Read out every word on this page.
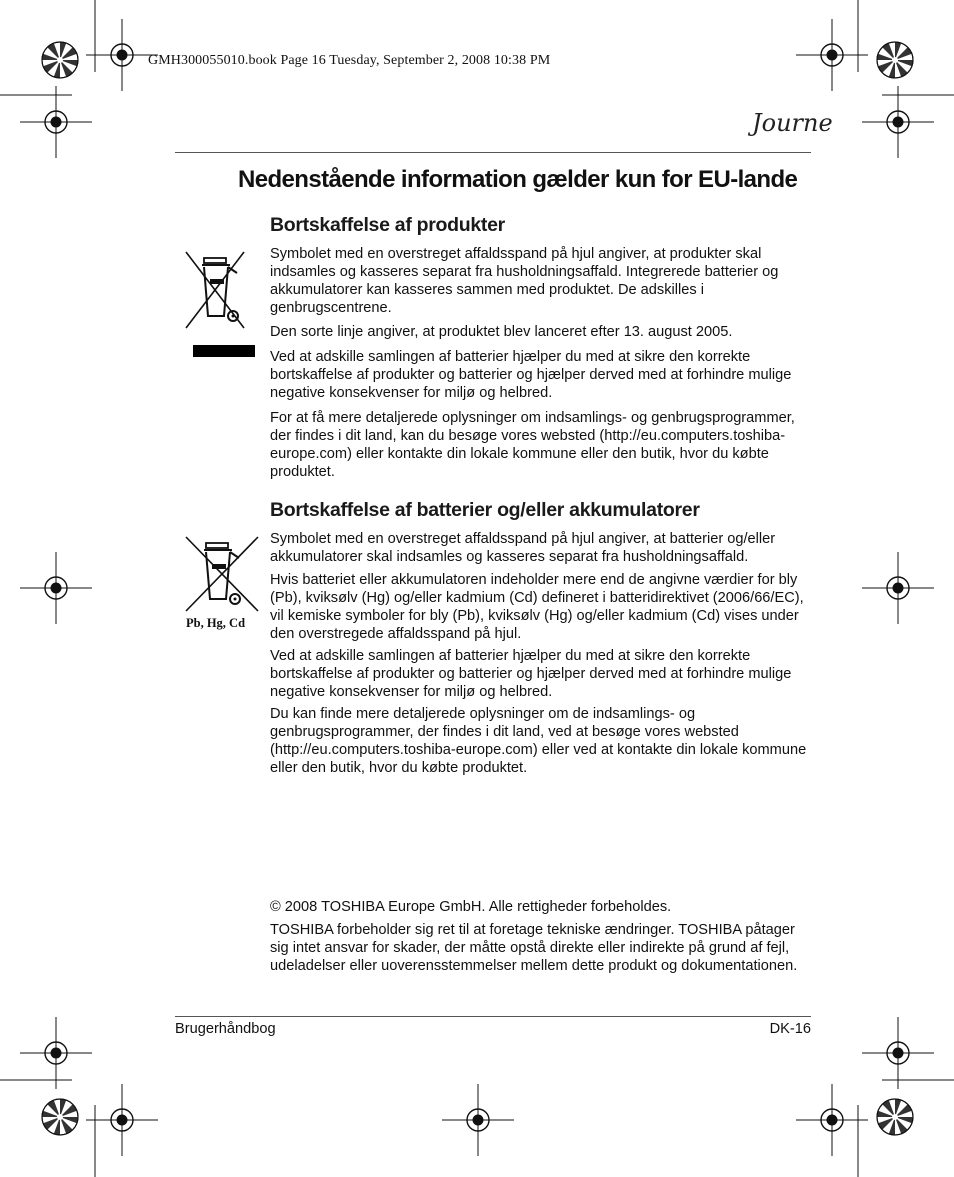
GMH300055010.book Page 16 Tuesday, September 2, 2008 10:38 PM
Journe
Nedenstående information gælder kun for EU-lande
Bortskaffelse af produkter

Symbolet med en overstreget affaldsspand på hjul angiver, at produkter skal indsamles og kasseres separat fra husholdningsaffald. Integrerede batterier og akkumulatorer kan kasseres sammen med produktet. De adskilles i genbrugscentrene.

Den sorte linje angiver, at produktet blev lanceret efter 13. august 2005.

Ved at adskille samlingen af batterier hjælper du med at sikre den korrekte bortskaffelse af produkter og batterier og hjælper derved med at forhindre mulige negative konsekvenser for miljø og helbred.

For at få mere detaljerede oplysninger om indsamlings- og genbrugsprogrammer, der findes i dit land, kan du besøge vores websted (http://eu.computers.toshiba-europe.com) eller kontakte din lokale kommune eller den butik, hvor du købte produktet.

Bortskaffelse af batterier og/eller akkumulatorer
Pb, Hg, Cd

Symbolet med en overstreget affaldsspand på hjul angiver, at batterier og/eller akkumulatorer skal indsamles og kasseres separat fra husholdningsaffald.

Hvis batteriet eller akkumulatoren indeholder mere end de angivne værdier for bly (Pb), kviksølv (Hg) og/eller kadmium (Cd) defineret i batteridirektivet (2006/66/EC), vil kemiske symboler for bly (Pb), kviksølv (Hg) og/eller kadmium (Cd) vises under den overstregede affaldsspand på hjul.

Ved at adskille samlingen af batterier hjælper du med at sikre den korrekte bortskaffelse af produkter og batterier og hjælper derved med at forhindre mulige negative konsekvenser for miljø og helbred.

Du kan finde mere detaljerede oplysninger om de indsamlings- og genbrugsprogrammer, der findes i dit land, ved at besøge vores websted (http://eu.computers.toshiba-europe.com) eller ved at kontakte din lokale kommune eller den butik, hvor du købte produktet.

© 2008 TOSHIBA Europe GmbH. Alle rettigheder forbeholdes.

TOSHIBA forbeholder sig ret til at foretage tekniske ændringer. TOSHIBA påtager sig intet ansvar for skader, der måtte opstå direkte eller indirekte på grund af fejl, udeladelser eller uoverensstemmelser mellem dette produkt og dokumentationen.

Brugerhåndbog	DK-16
